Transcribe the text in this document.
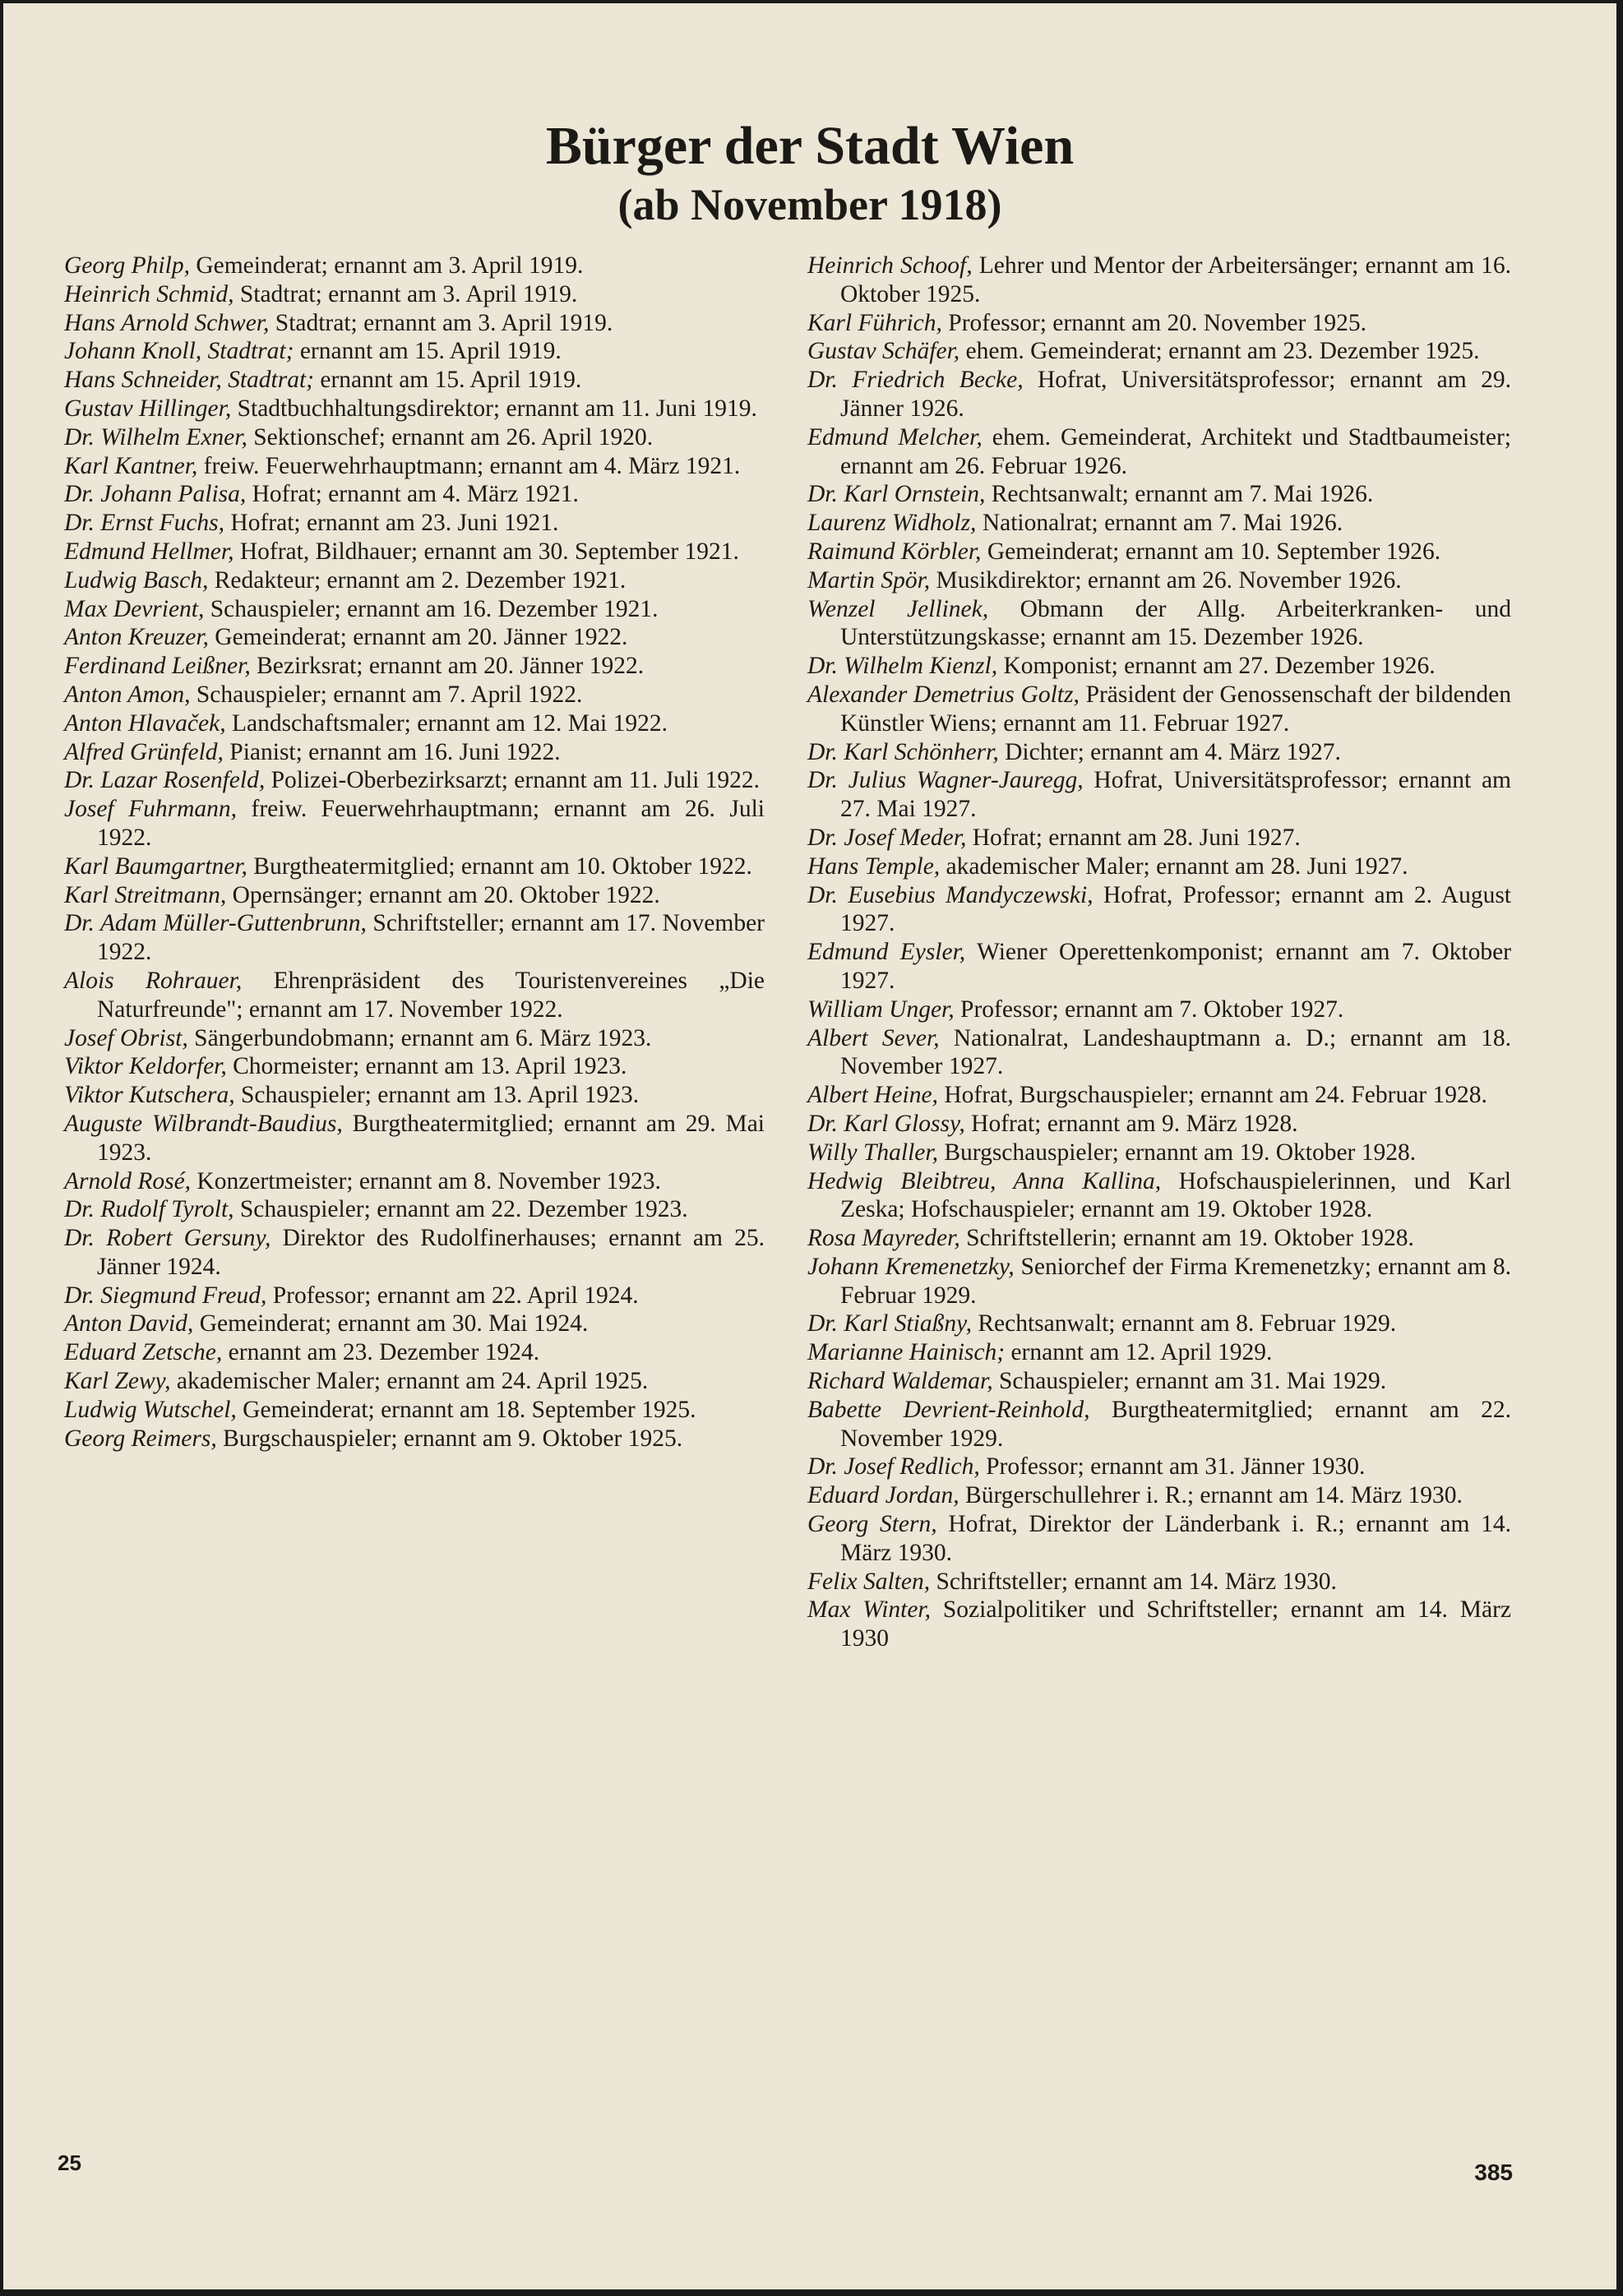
Bürger der Stadt Wien
(ab November 1918)

Georg Philp, Gemeinderat; ernannt am 3. April 1919.

Heinrich Schmid, Stadtrat; ernannt am 3. April 1919.

Hans Arnold Schwer, Stadtrat; ernannt am 3. April 1919.

Johann Knoll, Stadtrat; ernannt am 15. April 1919.

Hans Schneider, Stadtrat; ernannt am 15. April 1919.

Gustav Hillinger, Stadtbuchhaltungsdirektor; ernannt am 11. Juni 1919.

Dr. Wilhelm Exner, Sektionschef; ernannt am 26. April 1920.

Karl Kantner, freiw. Feuerwehrhauptmann; ernannt am 4. März 1921.

Dr. Johann Palisa, Hofrat; ernannt am 4. März 1921.

Dr. Ernst Fuchs, Hofrat; ernannt am 23. Juni 1921.

Edmund Hellmer, Hofrat, Bildhauer; ernannt am 30. September 1921.

Ludwig Basch, Redakteur; ernannt am 2. Dezember 1921.

Max Devrient, Schauspieler; ernannt am 16. Dezember 1921.

Anton Kreuzer, Gemeinderat; ernannt am 20. Jänner 1922.

Ferdinand Leißner, Bezirksrat; ernannt am 20. Jänner 1922.

Anton Amon, Schauspieler; ernannt am 7. April 1922.

Anton Hlavaček, Landschaftsmaler; ernannt am 12. Mai 1922.

Alfred Grünfeld, Pianist; ernannt am 16. Juni 1922.

Dr. Lazar Rosenfeld, Polizei-Oberbezirksarzt; ernannt am 11. Juli 1922.

Josef Fuhrmann, freiw. Feuerwehrhauptmann; ernannt am 26. Juli 1922.

Karl Baumgartner, Burgtheatermitglied; ernannt am 10. Oktober 1922.

Karl Streitmann, Opernsänger; ernannt am 20. Oktober 1922.

Dr. Adam Müller-Guttenbrunn, Schriftsteller; ernannt am 17. November 1922.

Alois Rohrauer, Ehrenpräsident des Touristenvereines „Die Naturfreunde"; ernannt am 17. November 1922.

Josef Obrist, Sängerbundobmann; ernannt am 6. März 1923.

Viktor Keldorfer, Chormeister; ernannt am 13. April 1923.

Viktor Kutschera, Schauspieler; ernannt am 13. April 1923.

Auguste Wilbrandt-Baudius, Burgtheatermitglied; ernannt am 29. Mai 1923.

Arnold Rosé, Konzertmeister; ernannt am 8. November 1923.

Dr. Rudolf Tyrolt, Schauspieler; ernannt am 22. Dezember 1923.

Dr. Robert Gersuny, Direktor des Rudolfinerhauses; ernannt am 25. Jänner 1924.

Dr. Siegmund Freud, Professor; ernannt am 22. April 1924.

Anton David, Gemeinderat; ernannt am 30. Mai 1924.

Eduard Zetsche, ernannt am 23. Dezember 1924.

Karl Zewy, akademischer Maler; ernannt am 24. April 1925.

Ludwig Wutschel, Gemeinderat; ernannt am 18. September 1925.

Georg Reimers, Burgschauspieler; ernannt am 9. Oktober 1925.

Heinrich Schoof, Lehrer und Mentor der Arbeitersänger; ernannt am 16. Oktober 1925.

Karl Führich, Professor; ernannt am 20. November 1925.

Gustav Schäfer, ehem. Gemeinderat; ernannt am 23. Dezember 1925.

Dr. Friedrich Becke, Hofrat, Universitätsprofessor; ernannt am 29. Jänner 1926.

Edmund Melcher, ehem. Gemeinderat, Architekt und Stadtbaumeister; ernannt am 26. Februar 1926.

Dr. Karl Ornstein, Rechtsanwalt; ernannt am 7. Mai 1926.

Laurenz Widholz, Nationalrat; ernannt am 7. Mai 1926.

Raimund Körbler, Gemeinderat; ernannt am 10. September 1926.

Martin Spör, Musikdirektor; ernannt am 26. November 1926.

Wenzel Jellinek, Obmann der Allg. Arbeiterkranken- und Unterstützungskasse; ernannt am 15. Dezember 1926.

Dr. Wilhelm Kienzl, Komponist; ernannt am 27. Dezember 1926.

Alexander Demetrius Goltz, Präsident der Genossenschaft der bildenden Künstler Wiens; ernannt am 11. Februar 1927.

Dr. Karl Schönherr, Dichter; ernannt am 4. März 1927.

Dr. Julius Wagner-Jauregg, Hofrat, Universitätsprofessor; ernannt am 27. Mai 1927.

Dr. Josef Meder, Hofrat; ernannt am 28. Juni 1927.

Hans Temple, akademischer Maler; ernannt am 28. Juni 1927.

Dr. Eusebius Mandyczewski, Hofrat, Professor; ernannt am 2. August 1927.

Edmund Eysler, Wiener Operettenkomponist; ernannt am 7. Oktober 1927.

William Unger, Professor; ernannt am 7. Oktober 1927.

Albert Sever, Nationalrat, Landeshauptmann a. D.; ernannt am 18. November 1927.

Albert Heine, Hofrat, Burgschauspieler; ernannt am 24. Februar 1928.

Dr. Karl Glossy, Hofrat; ernannt am 9. März 1928.

Willy Thaller, Burgschauspieler; ernannt am 19. Oktober 1928.

Hedwig Bleibtreu, Anna Kallina, Hofschauspielerinnen, und Karl Zeska; Hofschauspieler; ernannt am 19. Oktober 1928.

Rosa Mayreder, Schriftstellerin; ernannt am 19. Oktober 1928.

Johann Kremenetzky, Seniorchef der Firma Kremenetzky; ernannt am 8. Februar 1929.

Dr. Karl Stiaßny, Rechtsanwalt; ernannt am 8. Februar 1929.

Marianne Hainisch; ernannt am 12. April 1929.

Richard Waldemar, Schauspieler; ernannt am 31. Mai 1929.

Babette Devrient-Reinhold, Burgtheatermitglied; ernannt am 22. November 1929.

Dr. Josef Redlich, Professor; ernannt am 31. Jänner 1930.

Eduard Jordan, Bürgerschullehrer i. R.; ernannt am 14. März 1930.

Georg Stern, Hofrat, Direktor der Länderbank i. R.; ernannt am 14. März 1930.

Felix Salten, Schriftsteller; ernannt am 14. März 1930.

Max Winter, Sozialpolitiker und Schriftsteller; ernannt am 14. März 1930

25	385
